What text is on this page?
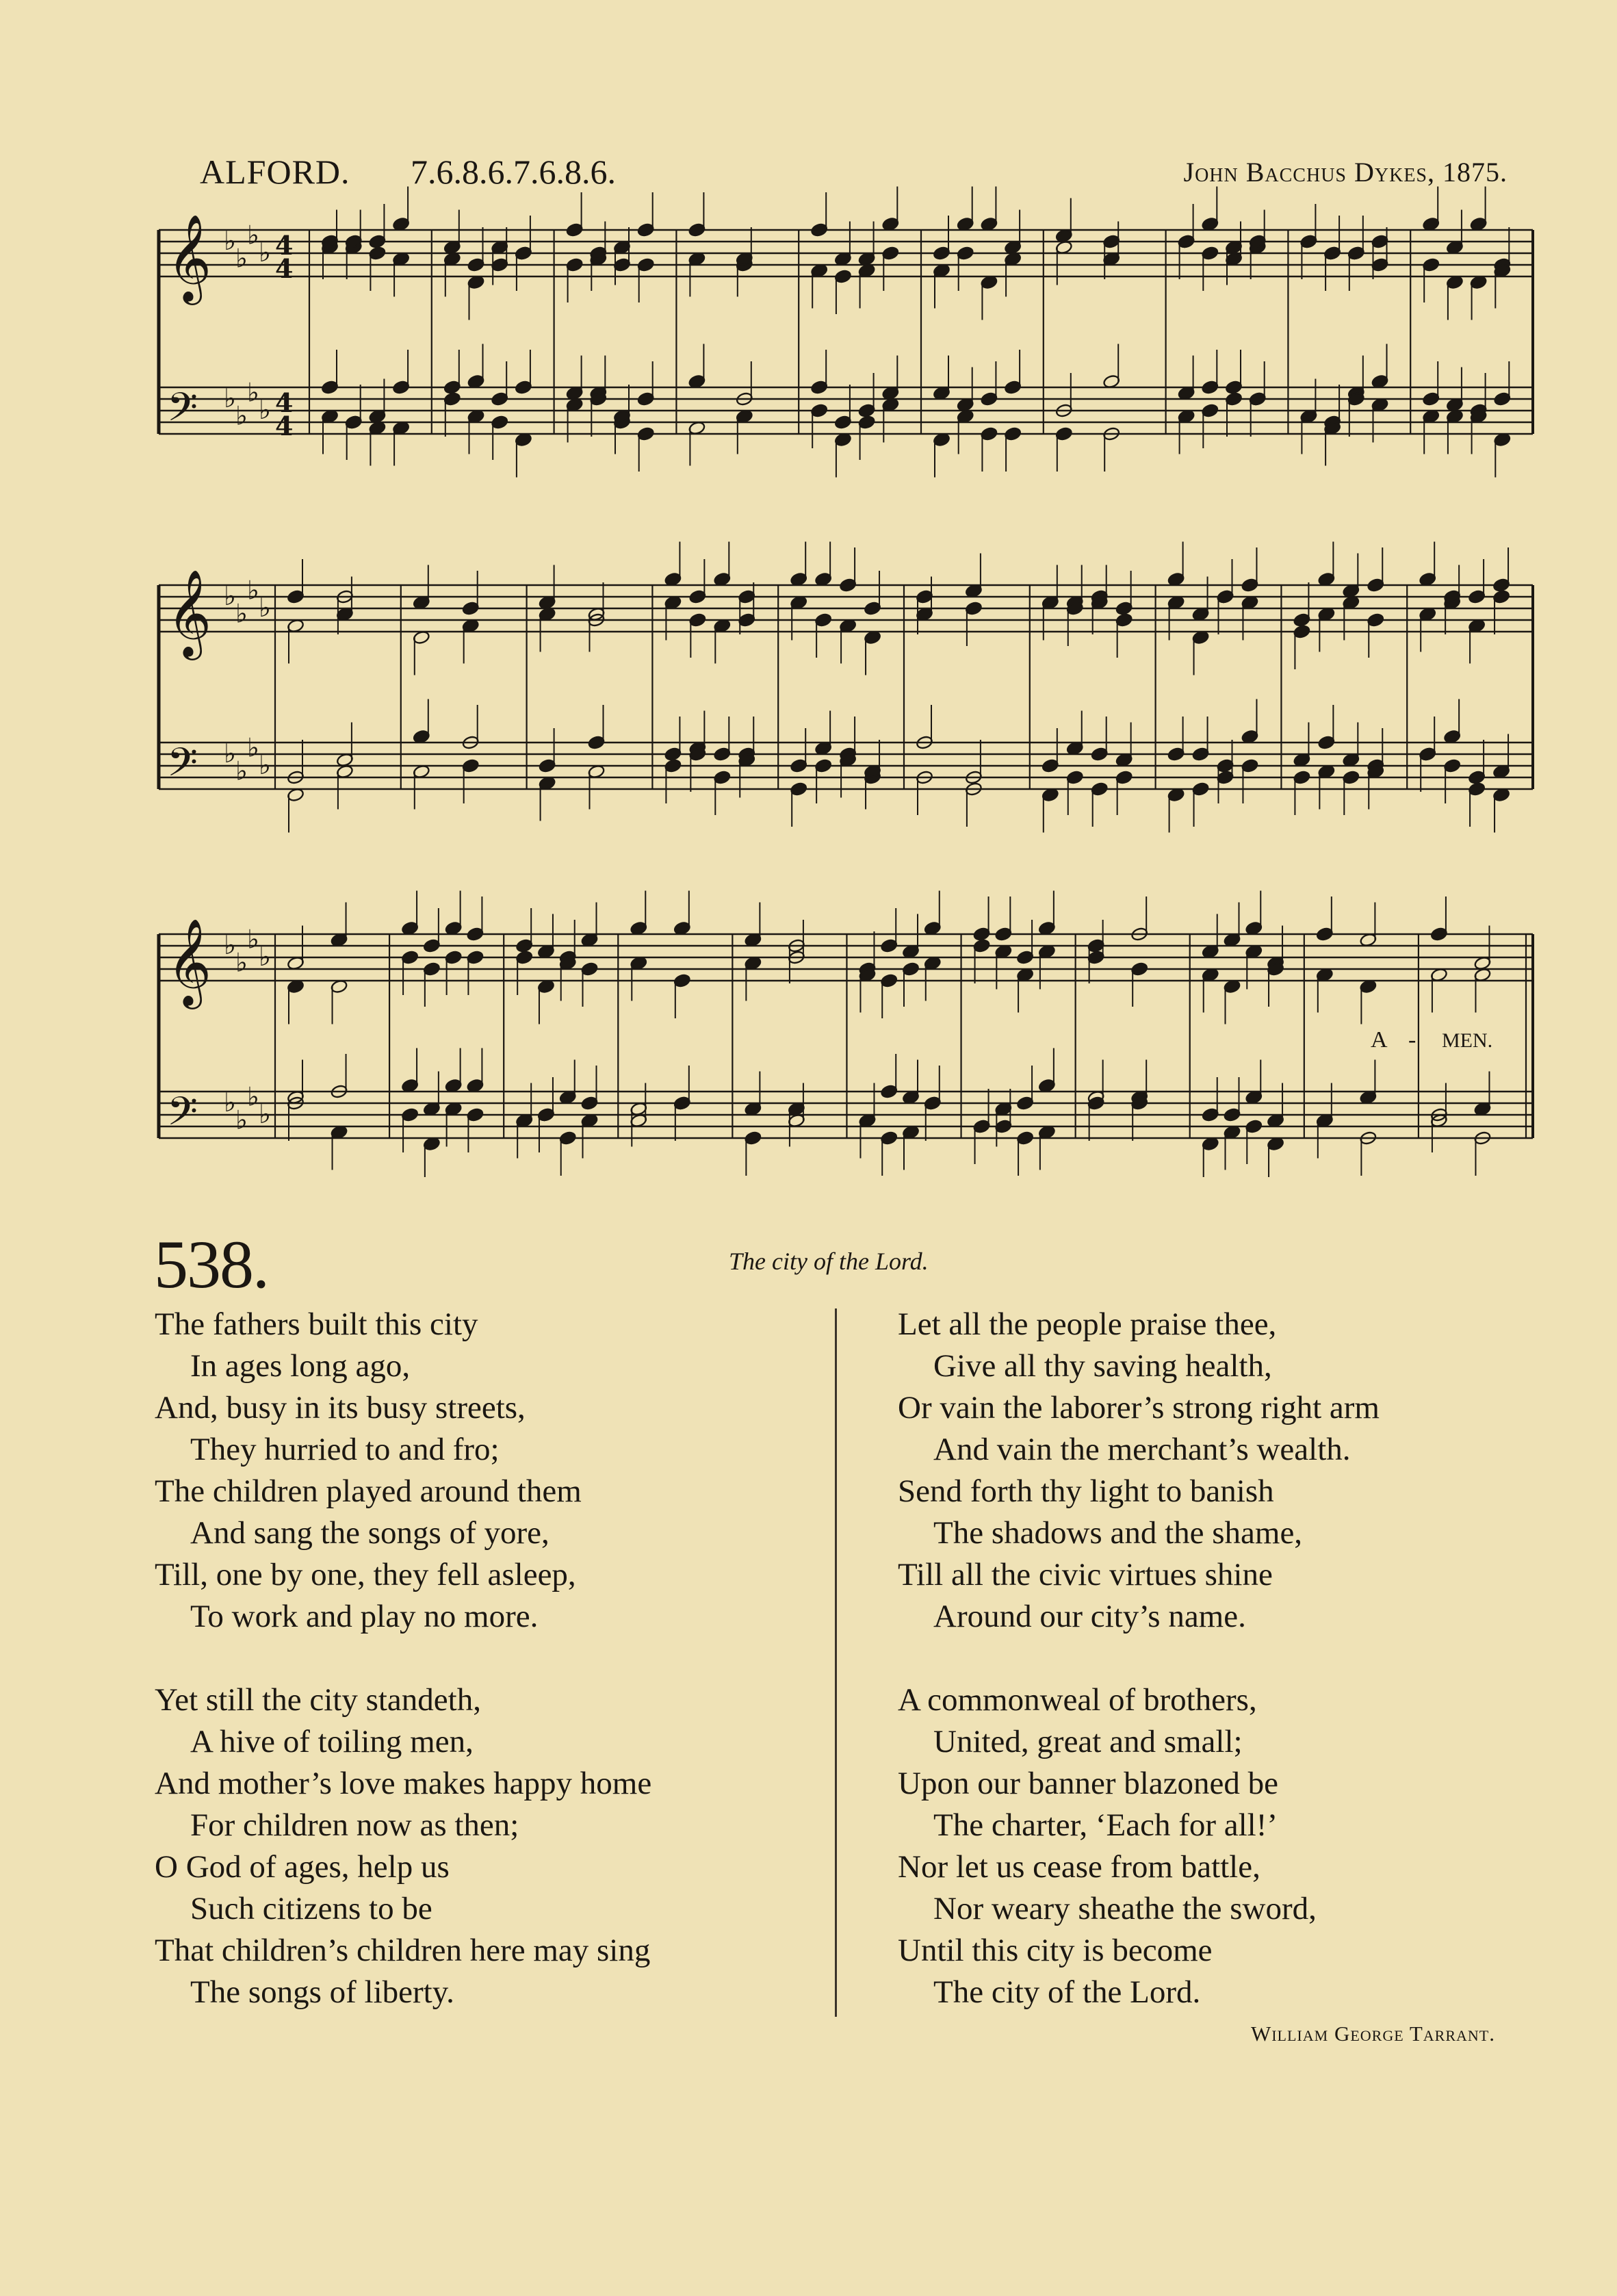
ALFORD. 7.6.8.6.7.6.8.6.	John Bacchus Dykes, 1875.
𝄞 ♭
♭
♭
♭ 4
4
𝄢 ♭
♭
♭
♭ 4
4
𝄞 ♭
♭
♭
♭
𝄢 ♭
♭
♭
♭
𝄞 ♭
♭
♭
♭
𝄢 ♭
♭
♭
♭
A - MEN.
538.	The city of the Lord.
The fathers built this city
In ages long ago,
And, busy in its busy streets,
They hurried to and fro;
The children played around them
And sang the songs of yore,
Till, one by one, they fell asleep,
To work and play no more.
Yet still the city standeth,
A hive of toiling men,
And mother’s love makes happy home
For children now as then;
O God of ages, help us
Such citizens to be
That children’s children here may sing
The songs of liberty.
Let all the people praise thee,
Give all thy saving health,
Or vain the laborer’s strong right arm
And vain the merchant’s wealth.
Send forth thy light to banish
The shadows and the shame,
Till all the civic virtues shine
Around our city’s name.
A commonweal of brothers,
United, great and small;
Upon our banner blazoned be
The charter, ‘Each for all!’
Nor let us cease from battle,
Nor weary sheathe the sword,
Until this city is become
The city of the Lord.
William George Tarrant.
